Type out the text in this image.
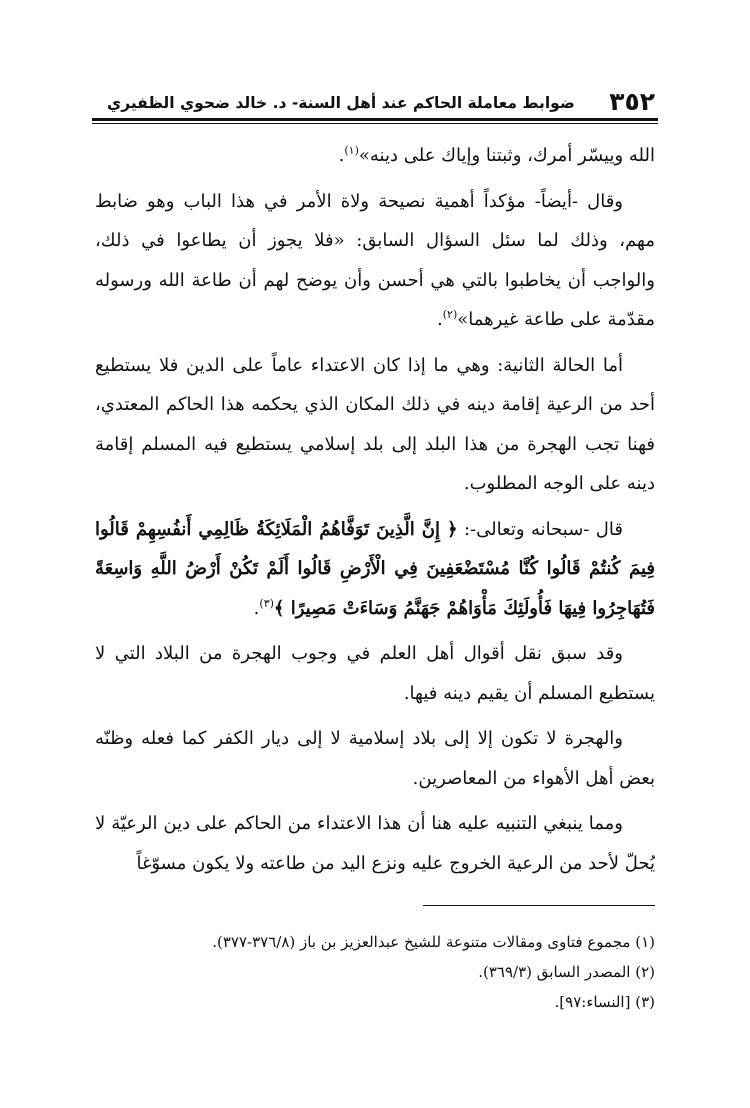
٣٥٢
ضوابط معاملة الحاكم عند أهل السنة- د. خالد ضحوي الظفيري

الله وييسّر أمرك، وثبتنا وإياك على دينه»$^{(١)}$.

وقال -أيضاً- مؤكداً أهمية نصيحة ولاة الأمر في هذا الباب وهو ضابط مهم، وذلك لما سئل السؤال السابق: «فلا يجوز أن يطاعوا في ذلك، والواجب أن يخاطبوا بالتي هي أحسن وأن يوضح لهم أن طاعة الله ورسوله مقدّمة على طاعة غيرهما»$^{(٢)}$.

أما الحالة الثانية: وهي ما إذا كان الاعتداء عاماً على الدين فلا يستطيع أحد من الرعية إقامة دينه في ذلك المكان الذي يحكمه هذا الحاكم المعتدي، فهنا تجب الهجرة من هذا البلد إلى بلد إسلامي يستطيع فيه المسلم إقامة دينه على الوجه المطلوب.

قال -سبحانه وتعالى-: ﴿ إِنَّ الَّذِينَ تَوَفَّاهُمُ الْمَلَائِكَةُ ظَالِمِي أَنفُسِهِمْ قَالُوا فِيمَ كُنتُمْ قَالُوا كُنَّا مُسْتَضْعَفِينَ فِي الْأَرْضِ قَالُوا أَلَمْ تَكُنْ أَرْضُ اللَّهِ وَاسِعَةً فَتُهَاجِرُوا فِيهَا فَأُولَئِكَ مَأْوَاهُمْ جَهَنَّمُ وَسَاءَتْ مَصِيرًا ﴾$^{(٣)}$.

وقد سبق نقل أقوال أهل العلم في وجوب الهجرة من البلاد التي لا يستطيع المسلم أن يقيم دينه فيها.

والهجرة لا تكون إلا إلى بلاد إسلامية لا إلى ديار الكفر كما فعله وظنّه بعض أهل الأهواء من المعاصرين.

ومما ينبغي التنبيه عليه هنا أن هذا الاعتداء من الحاكم على دين الرعيّة لا يُحلّ لأحد من الرعية الخروج عليه ونزع اليد من طاعته ولا يكون مسوّغاً

(١) مجموع فتاوى ومقالات متنوعة للشيخ عبدالعزيز بن باز (٣٧٦/٨-٣٧٧).

(٢) المصدر السابق (٣٦٩/٣).

(٣) [النساء:٩٧].
